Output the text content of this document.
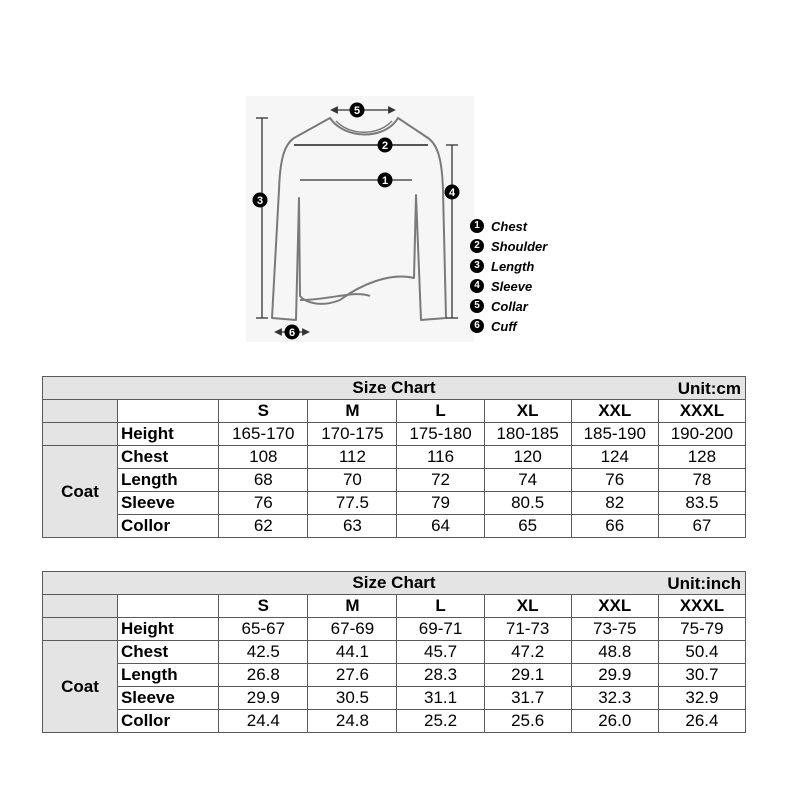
5
2
1
3
4
6
1 Chest
2 Shoulder
3 Length
4 Sleeve
5 Collar
6 Cuff
Size Chart Unit:cm							

		S	M	L	XL	XXL	XXXL
	Height	165-170	170-175	175-180	180-185	185-190	190-200
Coat	Chest	108	112	116	120	124	128
	Length	68	70	72	74	76	78
	Sleeve	76	77.5	79	80.5	82	83.5
	Collor	62	63	64	65	66	67
Size Chart Unit:inch							

		S	M	L	XL	XXL	XXXL
	Height	65-67	67-69	69-71	71-73	73-75	75-79
Coat	Chest	42.5	44.1	45.7	47.2	48.8	50.4
	Length	26.8	27.6	28.3	29.1	29.9	30.7
	Sleeve	29.9	30.5	31.1	31.7	32.3	32.9
	Collor	24.4	24.8	25.2	25.6	26.0	26.4
